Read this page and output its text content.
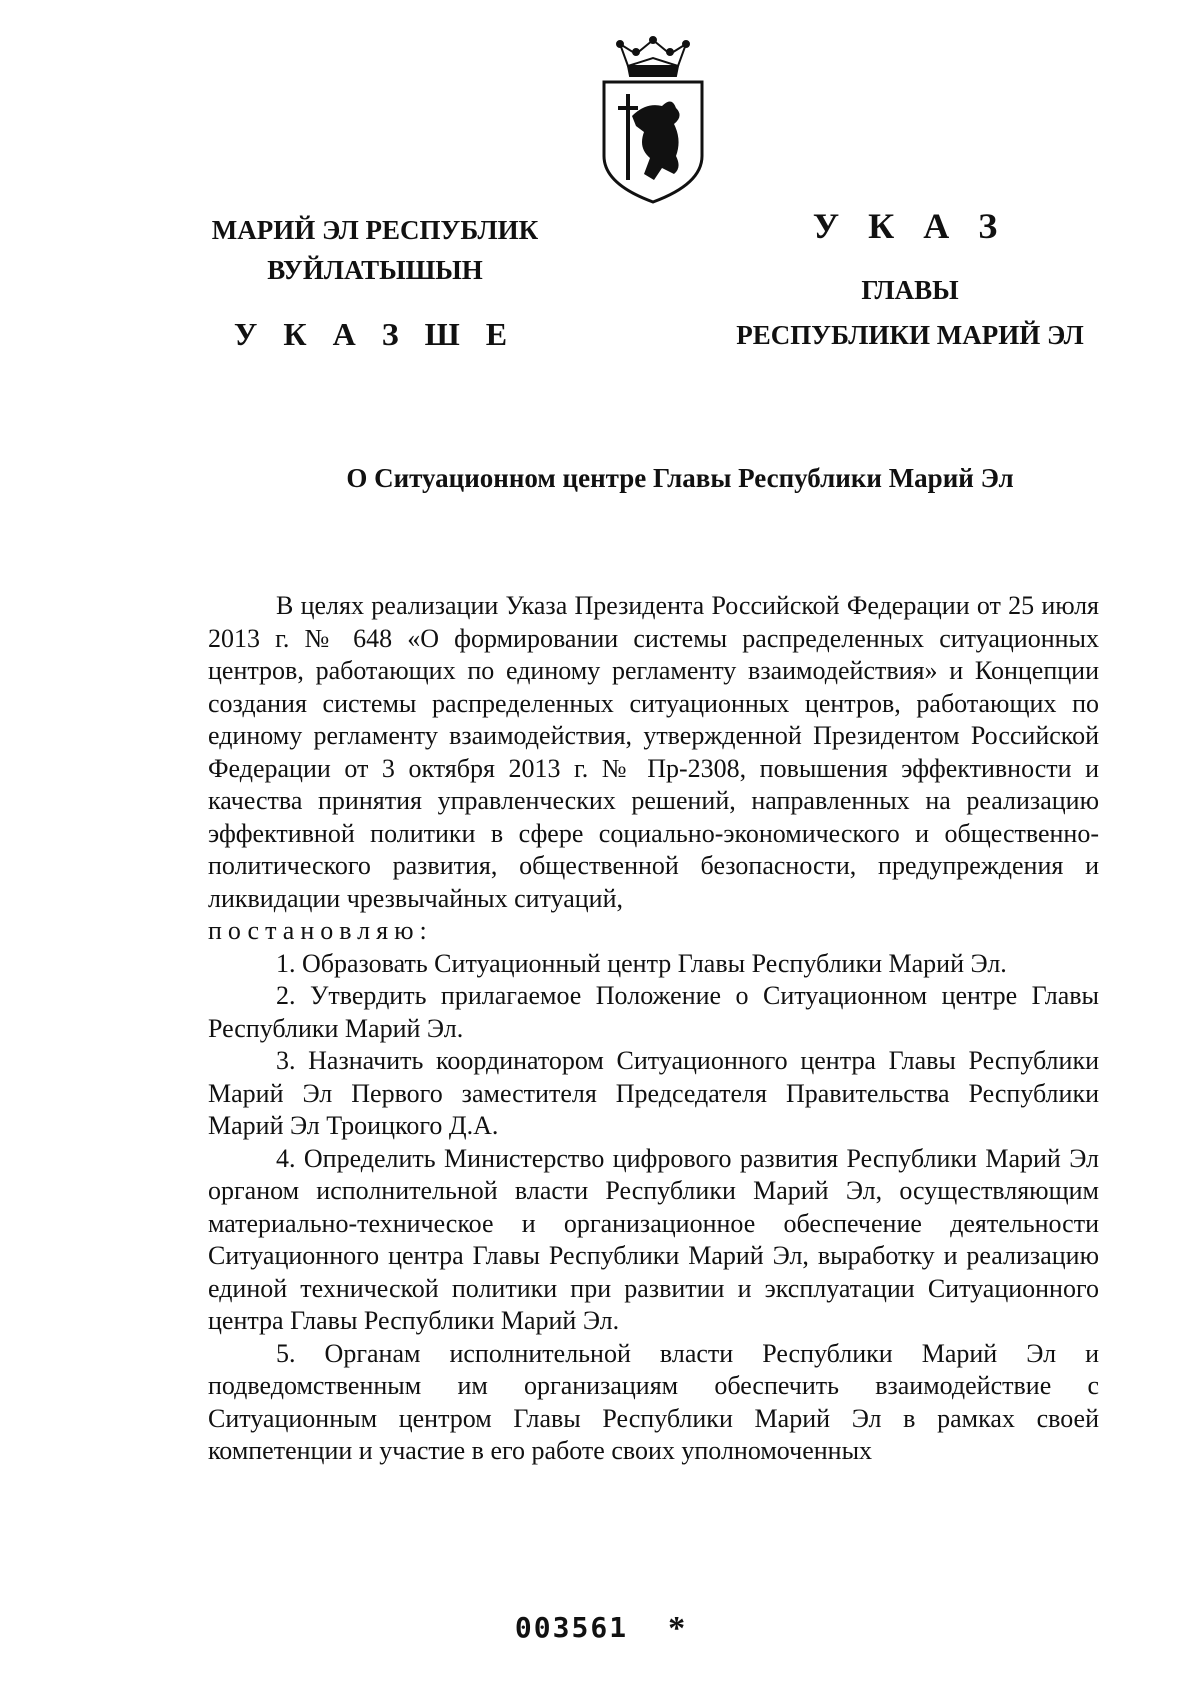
МАРИЙ ЭЛ РЕСПУБЛИК
ВУЙЛАТЫШЫН
У К А З Ш Е
У К А З
ГЛАВЫ
РЕСПУБЛИКИ МАРИЙ ЭЛ
О Ситуационном центре Главы Республики Марий Эл

В целях реализации Указа Президента Российской Федерации от 25 июля 2013 г. № 648 «О формировании системы распределенных ситуационных центров, работающих по единому регламенту взаимодействия» и Концепции создания системы распределенных ситуационных центров, работающих по единому регламенту взаимодействия, утвержденной Президентом Российской Федерации от 3 октября 2013 г. № Пр-2308, повышения эффективности и качества принятия управленческих решений, направленных на реализацию эффективной политики в сфере социально-экономического и общественно-политического развития, общественной безопасности, предупреждения и ликвидации чрезвычайных ситуаций,

постановляю:

1. Образовать Ситуационный центр Главы Республики Марий Эл.

2. Утвердить прилагаемое Положение о Ситуационном центре Главы Республики Марий Эл.

3. Назначить координатором Ситуационного центра Главы Республики Марий Эл Первого заместителя Председателя Правительства Республики Марий Эл Троицкого Д.А.

4. Определить Министерство цифрового развития Республики Марий Эл органом исполнительной власти Республики Марий Эл, осуществляющим материально-техническое и организационное обеспечение деятельности Ситуационного центра Главы Республики Марий Эл, выработку и реализацию единой технической политики при развитии и эксплуатации Ситуационного центра Главы Республики Марий Эл.

5. Органам исполнительной власти Республики Марий Эл и подведомственным им организациям обеспечить взаимодействие с Ситуационным центром Главы Республики Марий Эл в рамках своей компетенции и участие в его работе своих уполномоченных

003561 *
